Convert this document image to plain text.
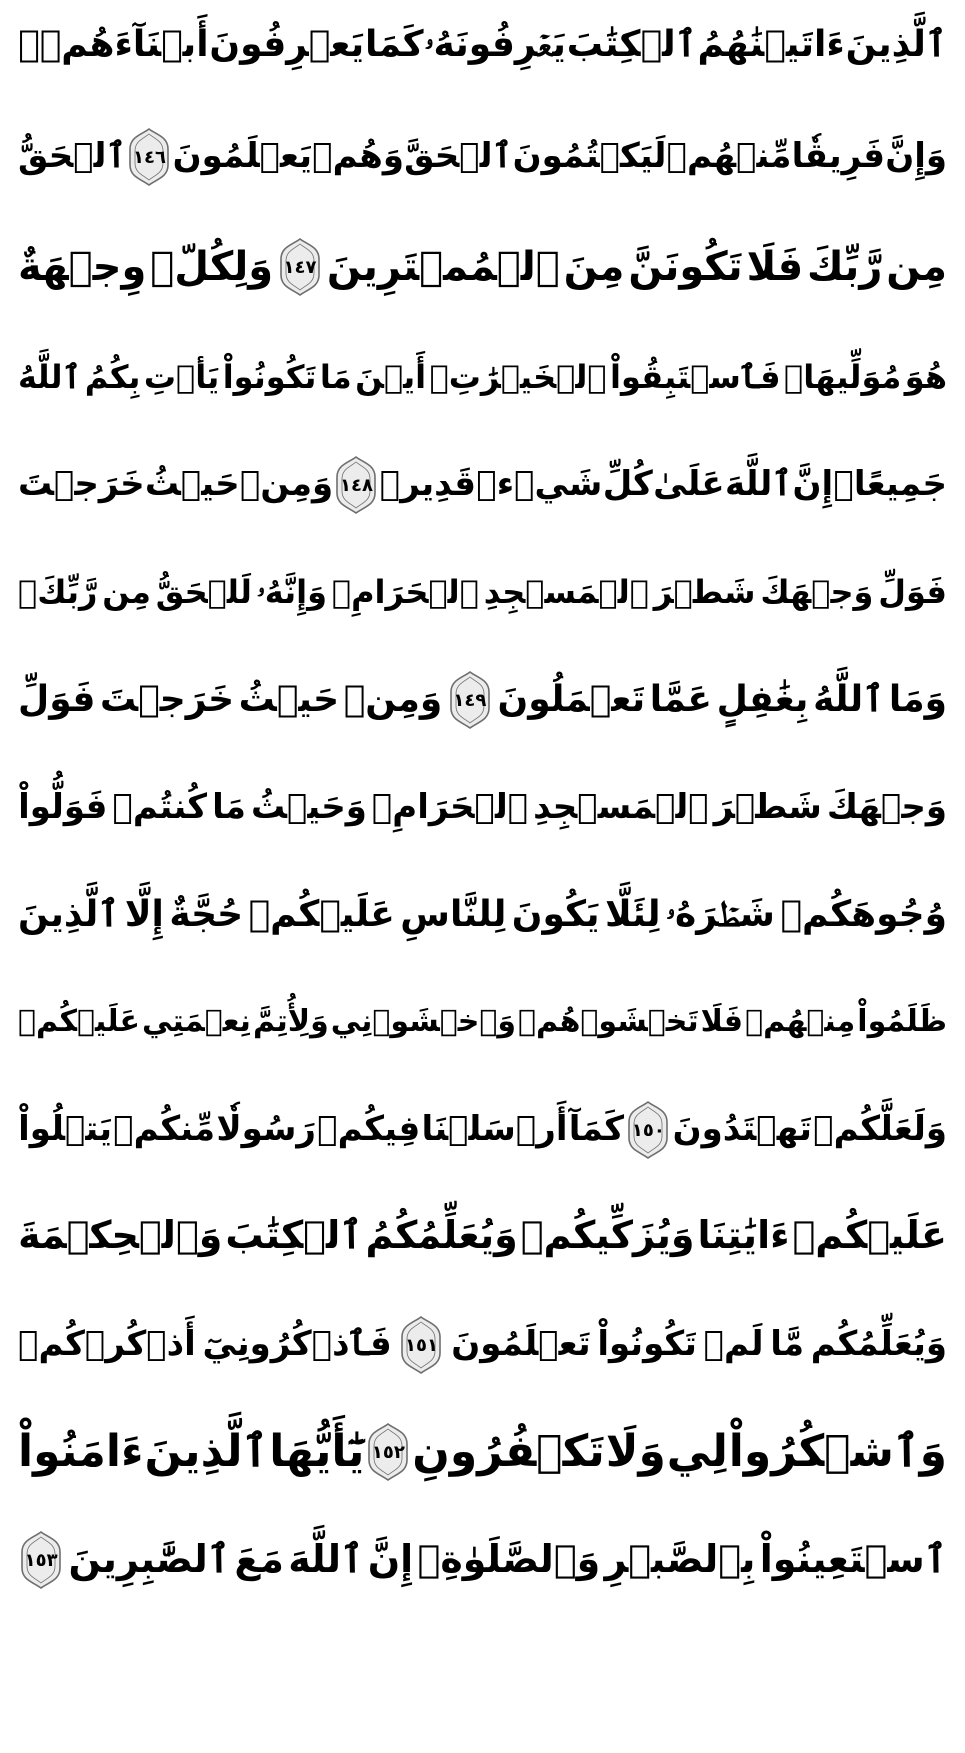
ٱلَّذِينَ
ءَاتَيۡنَٰهُمُ
ٱلۡكِتَٰبَ
يَعۡرِفُونَهُۥ
كَمَا
يَعۡرِفُونَ
أَبۡنَآءَهُمۡۖ
وَإِنَّ
فَرِيقٗا
مِّنۡهُمۡ
لَيَكۡتُمُونَ
ٱلۡحَقَّ
وَهُمۡ
يَعۡلَمُونَ
١٤٦
ٱلۡحَقُّ
مِن
رَّبِّكَ
فَلَا
تَكُونَنَّ
مِنَ
ٱلۡمُمۡتَرِينَ
١٤٧
وَلِكُلّٖ
وِجۡهَةٌ
هُوَ
مُوَلِّيهَاۖ
فَٱسۡتَبِقُواْ
ٱلۡخَيۡرَٰتِۚ
أَيۡنَ
مَا
تَكُونُواْ
يَأۡتِ
بِكُمُ
ٱللَّهُ
جَمِيعًاۚ
إِنَّ
ٱللَّهَ
عَلَىٰ
كُلِّ
شَيۡءٖ
قَدِيرٞ
١٤٨
وَمِنۡ
حَيۡثُ
خَرَجۡتَ
فَوَلِّ
وَجۡهَكَ
شَطۡرَ
ٱلۡمَسۡجِدِ
ٱلۡحَرَامِۖ
وَإِنَّهُۥ
لَلۡحَقُّ
مِن
رَّبِّكَۗ
وَمَا
ٱللَّهُ
بِغَٰفِلٍ
عَمَّا
تَعۡمَلُونَ
١٤٩
وَمِنۡ
حَيۡثُ
خَرَجۡتَ
فَوَلِّ
وَجۡهَكَ
شَطۡرَ
ٱلۡمَسۡجِدِ
ٱلۡحَرَامِۚ
وَحَيۡثُ
مَا
كُنتُمۡ
فَوَلُّواْ
وُجُوهَكُمۡ
شَطۡرَهُۥ
لِئَلَّا
يَكُونَ
لِلنَّاسِ
عَلَيۡكُمۡ
حُجَّةٌ
إِلَّا
ٱلَّذِينَ
ظَلَمُواْ
مِنۡهُمۡ
فَلَا
تَخۡشَوۡهُمۡ
وَٱخۡشَوۡنِي
وَلِأُتِمَّ
نِعۡمَتِي
عَلَيۡكُمۡ
وَلَعَلَّكُمۡ
تَهۡتَدُونَ
١٥٠
كَمَآ
أَرۡسَلۡنَا
فِيكُمۡ
رَسُولٗا
مِّنكُمۡ
يَتۡلُواْ
عَلَيۡكُمۡ
ءَايَٰتِنَا
وَيُزَكِّيكُمۡ
وَيُعَلِّمُكُمُ
ٱلۡكِتَٰبَ
وَٱلۡحِكۡمَةَ
وَيُعَلِّمُكُم
مَّا
لَمۡ
تَكُونُواْ
تَعۡلَمُونَ
١٥١
فَٱذۡكُرُونِيٓ
أَذۡكُرۡكُمۡ
وَٱشۡكُرُواْ
لِي
وَلَا
تَكۡفُرُونِ
١٥٢
يَٰٓأَيُّهَا
ٱلَّذِينَ
ءَامَنُواْ
ٱسۡتَعِينُواْ
بِٱلصَّبۡرِ
وَٱلصَّلَوٰةِۚ
إِنَّ
ٱللَّهَ
مَعَ
ٱلصَّٰبِرِينَ
١٥٣
